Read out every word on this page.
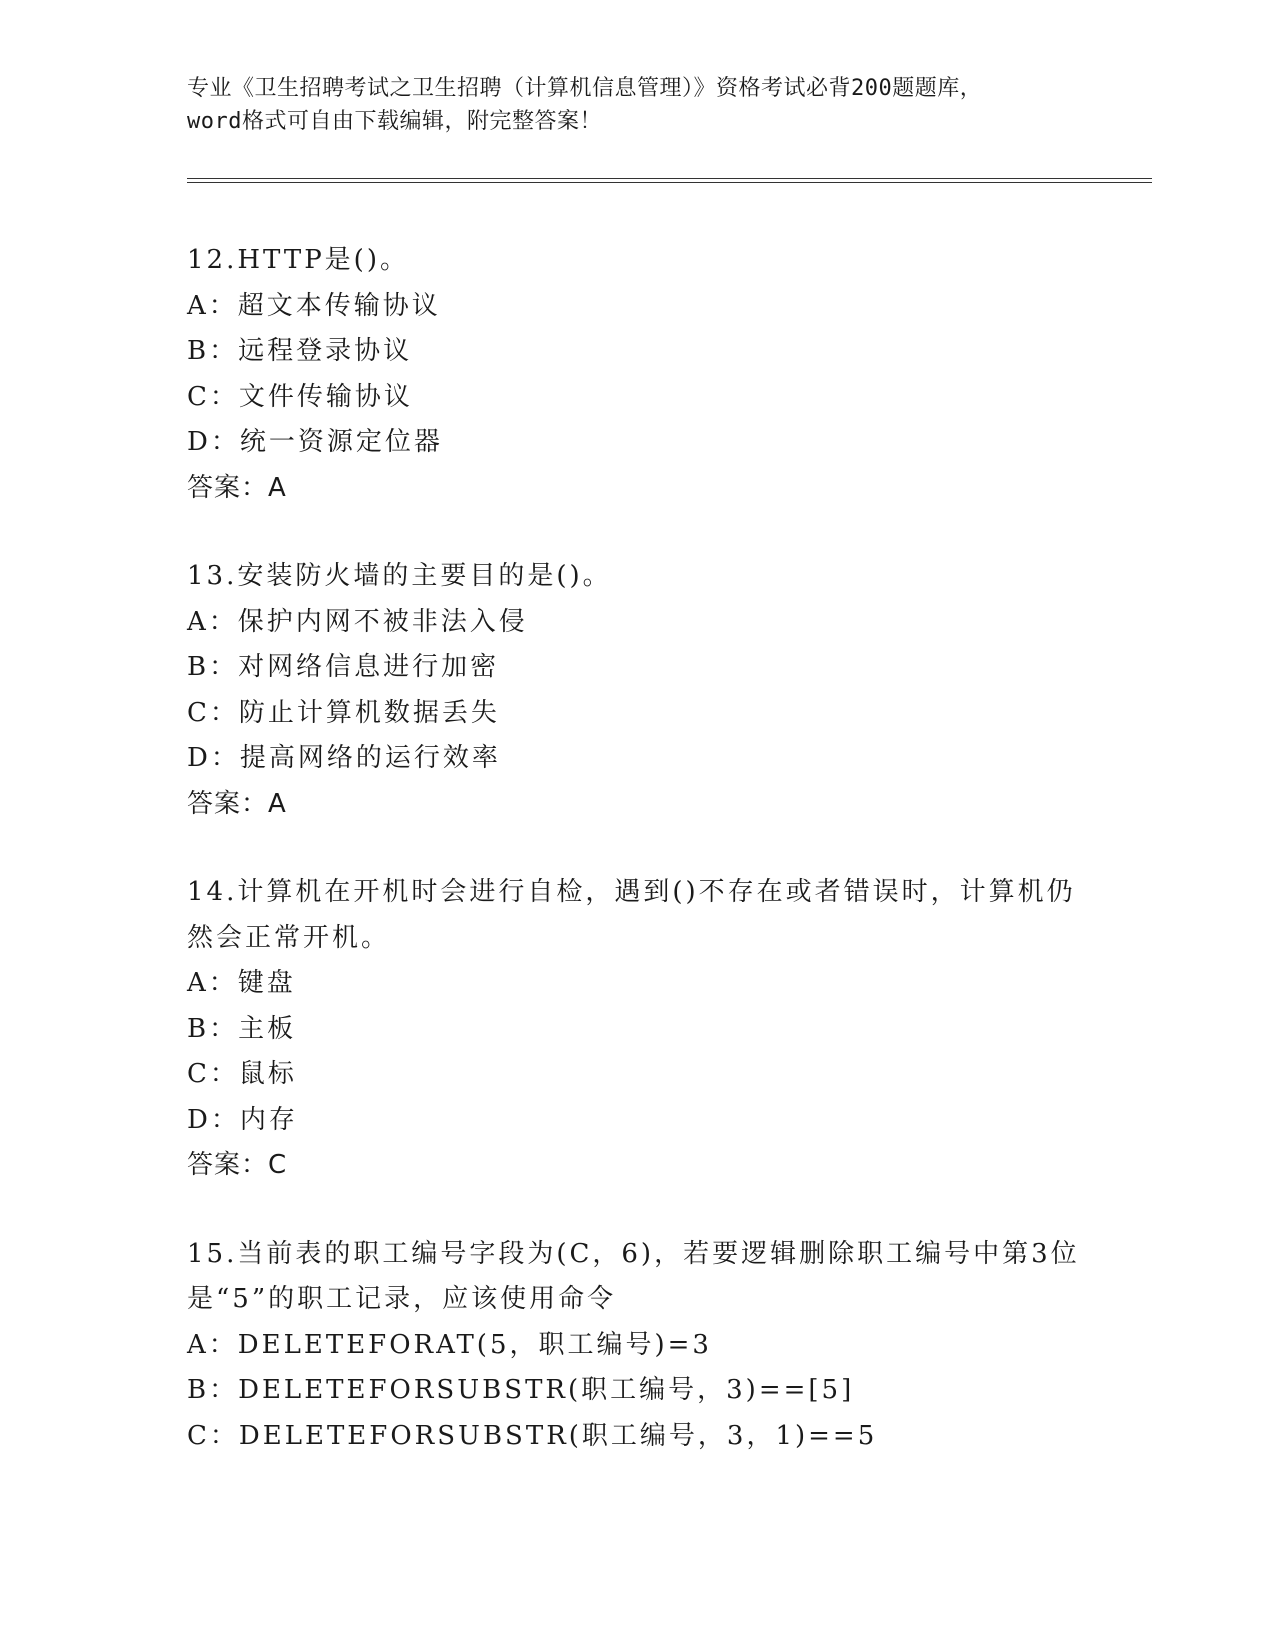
专业《卫生招聘考试之卫生招聘（计算机信息管理）》资格考试必背200题题库，
word格式可自由下载编辑，附完整答案！
12.HTTP是()。
A：超文本传输协议
B：远程登录协议
C：文件传输协议
D：统一资源定位器
答案：A
13.安装防火墙的主要目的是()。
A：保护内网不被非法入侵
B：对网络信息进行加密
C：防止计算机数据丢失
D：提高网络的运行效率
答案：A
14.计算机在开机时会进行自检，遇到()不存在或者错误时，计算机仍
然会正常开机。
A：键盘
B：主板
C：鼠标
D：内存
答案：C
15.当前表的职工编号字段为(C，6)，若要逻辑删除职工编号中第3位
是“5”的职工记录，应该使用命令
A：DELETEFORAT(5，职工编号)=3
B：DELETEFORSUBSTR(职工编号，3)==[5]
C：DELETEFORSUBSTR(职工编号，3，1)==5
